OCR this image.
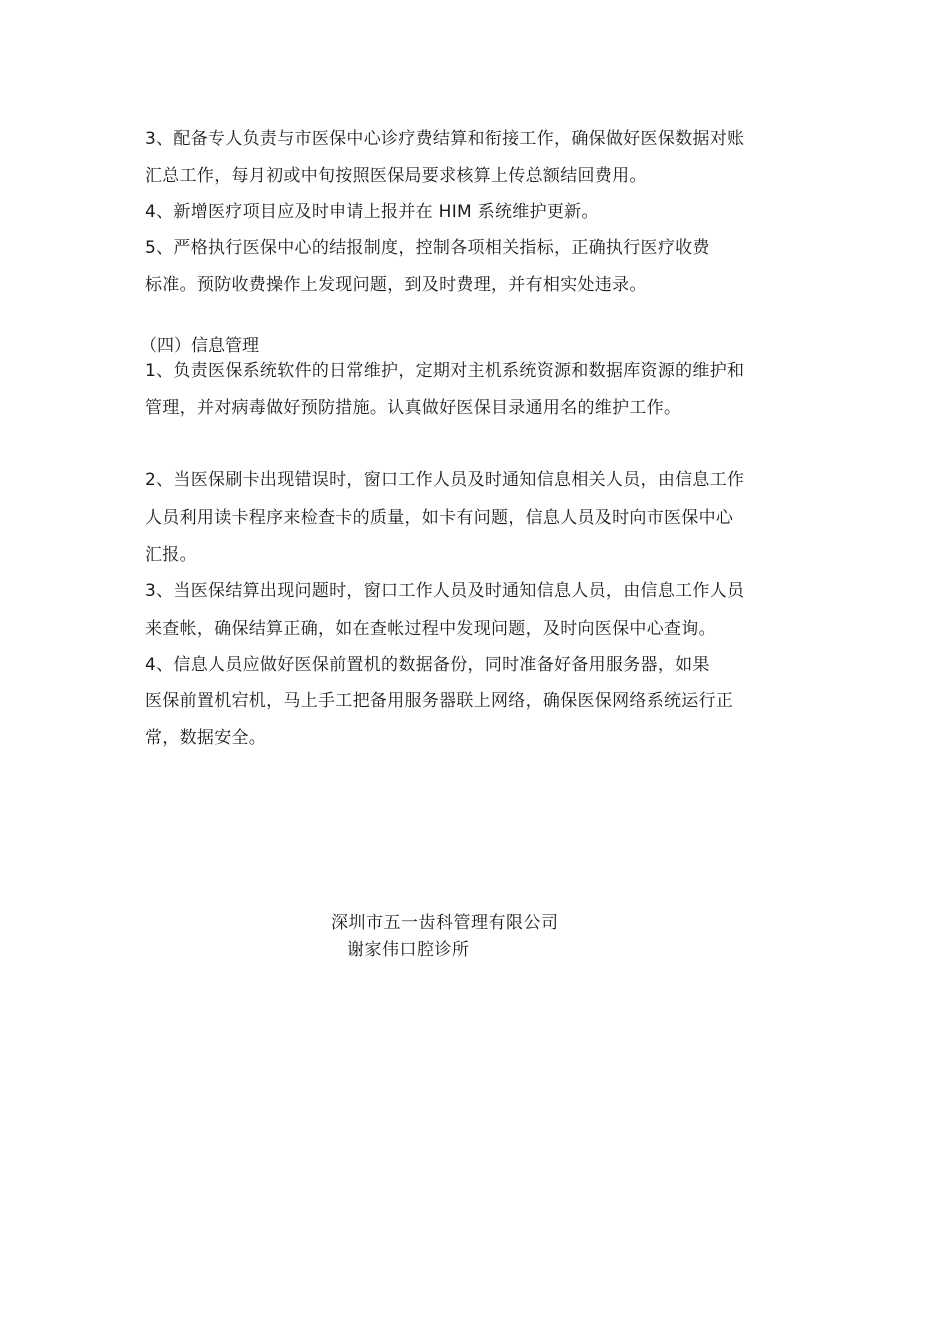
3、配备专人负责与市医保中心诊疗费结算和衔接工作，确保做好医保数据对账
汇总工作，每月初或中旬按照医保局要求核算上传总额结回费用。
4、新增医疗项目应及时申请上报并在 HIM 系统维护更新。
5、严格执行医保中心的结报制度，控制各项相关指标，正确执行医疗收费
标准。预防收费操作上发现问题，到及时费理，并有相实处违录。
（四）信息管理
1、负责医保系统软件的日常维护，定期对主机系统资源和数据库资源的维护和
管理，并对病毒做好预防措施。认真做好医保目录通用名的维护工作。
2、当医保刷卡出现错误时，窗口工作人员及时通知信息相关人员，由信息工作
人员利用读卡程序来检查卡的质量，如卡有问题，信息人员及时向市医保中心
汇报。
3、当医保结算出现问题时，窗口工作人员及时通知信息人员，由信息工作人员
来查帐，确保结算正确，如在查帐过程中发现问题，及时向医保中心查询。
4、信息人员应做好医保前置机的数据备份，同时准备好备用服务器，如果
医保前置机宕机，马上手工把备用服务器联上网络，确保医保网络系统运行正
常，数据安全。
深圳市五一齿科管理有限公司
谢家伟口腔诊所
